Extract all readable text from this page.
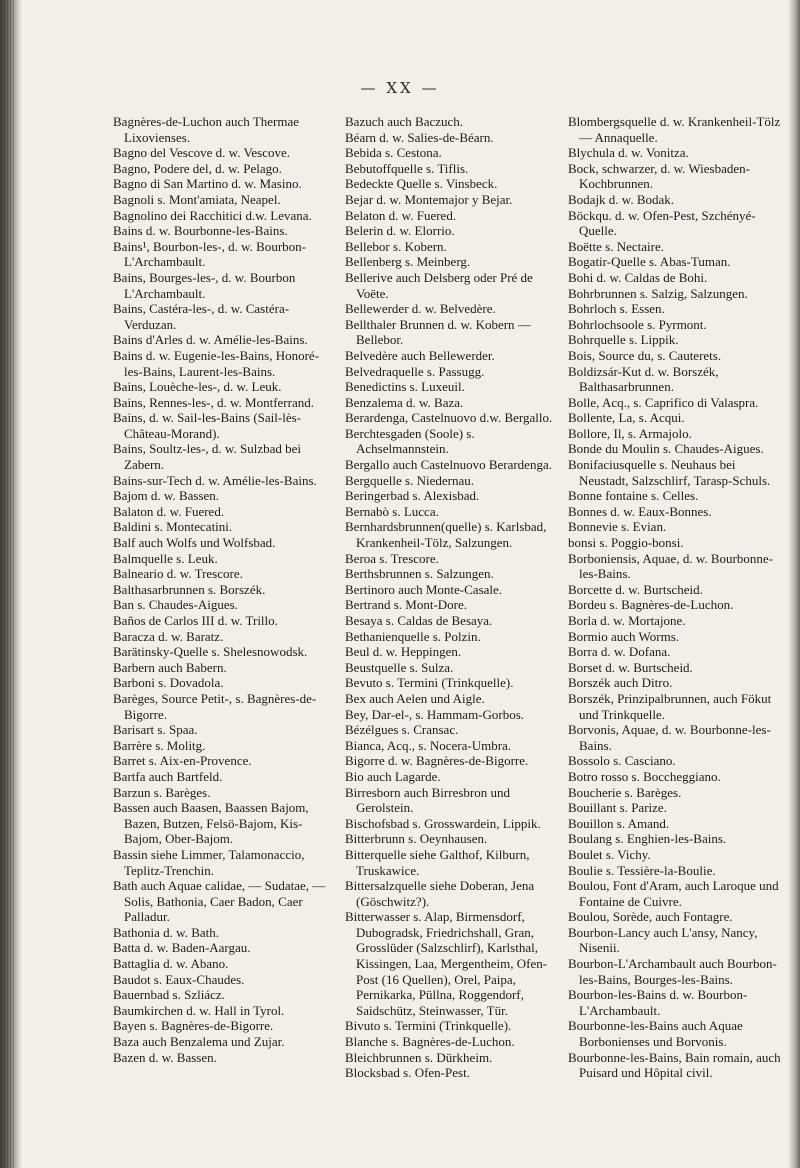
— XX —

Bagnères-de-Luchon auch Thermae Lixovienses.

Bagno del Vescove d. w. Vescove.

Bagno, Podere del, d. w. Pelago.

Bagno di San Martino d. w. Masino.

Bagnoli s. Mont'amiata, Neapel.

Bagnolino dei Racchitici d.w. Levana.

Bains d. w. Bourbonne-les-Bains.

Bains¹, Bourbon-les-, d. w. Bourbon-L'Archambault.

Bains, Bourges-les-, d. w. Bourbon L'Archambault.

Bains, Castéra-les-, d. w. Castéra-Verduzan.

Bains d'Arles d. w. Amélie-les-Bains.

Bains d. w. Eugenie-les-Bains, Honoré-les-Bains, Laurent-les-Bains.

Bains, Louèche-les-, d. w. Leuk.

Bains, Rennes-les-, d. w. Montferrand.

Bains, d. w. Sail-les-Bains (Sail-lès-Château-Morand).

Bains, Soultz-les-, d. w. Sulzbad bei Zabern.

Bains-sur-Tech d. w. Amélie-les-Bains.

Bajom d. w. Bassen.

Balaton d. w. Fuered.

Baldini s. Montecatini.

Balf auch Wolfs und Wolfsbad.

Balmquelle s. Leuk.

Balneario d. w. Trescore.

Balthasarbrunnen s. Borszék.

Ban s. Chaudes-Aigues.

Baños de Carlos III d. w. Trillo.

Baracza d. w. Baratz.

Barätinsky-Quelle s. Shelesnowodsk.

Barbern auch Babern.

Barboni s. Dovadola.

Barèges, Source Petit-, s. Bagnères-de-Bigorre.

Barisart s. Spaa.

Barrère s. Molitg.

Barret s. Aix-en-Provence.

Bartfa auch Bartfeld.

Barzun s. Barèges.

Bassen auch Baasen, Baassen Bajom, Bazen, Butzen, Felsö-Bajom, Kis-Bajom, Ober-Bajom.

Bassin siehe Limmer, Talamonaccio, Teplitz-Trenchin.

Bath auch Aquae calidae, — Sudatae, — Solis, Bathonia, Caer Badon, Caer Palladur.

Bathonia d. w. Bath.

Batta d. w. Baden-Aargau.

Battaglia d. w. Abano.

Baudot s. Eaux-Chaudes.

Bauernbad s. Szliácz.

Baumkirchen d. w. Hall in Tyrol.

Bayen s. Bagnères-de-Bigorre.

Baza auch Benzalema und Zujar.

Bazen d. w. Bassen.

Bazuch auch Baczuch.

Béarn d. w. Salies-de-Béarn.

Bebida s. Cestona.

Bebutoffquelle s. Tiflis.

Bedeckte Quelle s. Vinsbeck.

Bejar d. w. Montemajor y Bejar.

Belaton d. w. Fuered.

Belerin d. w. Elorrio.

Bellebor s. Kobern.

Bellenberg s. Meinberg.

Bellerive auch Delsberg oder Pré de Voëte.

Bellewerder d. w. Belvedère.

Bellthaler Brunnen d. w. Kobern — Bellebor.

Belvedère auch Bellewerder.

Belvedraquelle s. Passugg.

Benedictins s. Luxeuil.

Benzalema d. w. Baza.

Berardenga, Castelnuovo d.w. Bergallo.

Berchtesgaden (Soole) s. Achselmannstein.

Bergallo auch Castelnuovo Berardenga.

Bergquelle s. Niedernau.

Beringerbad s. Alexisbad.

Bernabò s. Lucca.

Bernhardsbrunnen(quelle) s. Karlsbad, Krankenheil-Tölz, Salzungen.

Beroa s. Trescore.

Berthsbrunnen s. Salzungen.

Bertinoro auch Monte-Casale.

Bertrand s. Mont-Dore.

Besaya s. Caldas de Besaya.

Bethanienquelle s. Polzin.

Beul d. w. Heppingen.

Beustquelle s. Sulza.

Bevuto s. Termini (Trinkquelle).

Bex auch Aelen und Aigle.

Bey, Dar-el-, s. Hammam-Gorbos.

Bézélgues s. Cransac.

Bianca, Acq., s. Nocera-Umbra.

Bigorre d. w. Bagnères-de-Bigorre.

Bio auch Lagarde.

Birresborn auch Birresbron und Gerolstein.

Bischofsbad s. Grosswardein, Lippik.

Bitterbrunn s. Oeynhausen.

Bitterquelle siehe Galthof, Kilburn, Truskawice.

Bittersalzquelle siehe Doberan, Jena (Göschwitz?).

Bitterwasser s. Alap, Birmensdorf, Dubogradsk, Friedrichshall, Gran, Grosslüder (Salzschlirf), Karlsthal, Kissingen, Laa, Mergentheim, Ofen-Post (16 Quellen), Orel, Paipa, Pernikarka, Püllna, Roggendorf, Saidschütz, Steinwasser, Tür.

Bivuto s. Termini (Trinkquelle).

Blanche s. Bagnères-de-Luchon.

Bleichbrunnen s. Dürkheim.

Blocksbad s. Ofen-Pest.

Blombergsquelle d. w. Krankenheil-Tölz — Annaquelle.

Blychula d. w. Vonitza.

Bock, schwarzer, d. w. Wiesbaden-Kochbrunnen.

Bodajk d. w. Bodak.

Böckqu. d. w. Ofen-Pest, Szchényé-Quelle.

Boëtte s. Nectaire.

Bogatir-Quelle s. Abas-Tuman.

Bohi d. w. Caldas de Bohi.

Bohrbrunnen s. Salzig, Salzungen.

Bohrloch s. Essen.

Bohrlochsoole s. Pyrmont.

Bohrquelle s. Lippik.

Bois, Source du, s. Cauterets.

Boldizsár-Kut d. w. Borszék, Balthasarbrunnen.

Bolle, Acq., s. Caprifico di Valaspra.

Bollente, La, s. Acqui.

Bollore, Il, s. Armajolo.

Bonde du Moulin s. Chaudes-Aigues.

Bonifaciusquelle s. Neuhaus bei Neustadt, Salzschlirf, Tarasp-Schuls.

Bonne fontaine s. Celles.

Bonnes d. w. Eaux-Bonnes.

Bonnevie s. Evian.

bonsi s. Poggio-bonsi.

Borboniensis, Aquae, d. w. Bourbonne-les-Bains.

Borcette d. w. Burtscheid.

Bordeu s. Bagnères-de-Luchon.

Borla d. w. Mortajone.

Bormio auch Worms.

Borra d. w. Dofana.

Borset d. w. Burtscheid.

Borszék auch Ditro.

Borszék, Prinzipalbrunnen, auch Fökut und Trinkquelle.

Borvonis, Aquae, d. w. Bourbonne-les-Bains.

Bossolo s. Casciano.

Botro rosso s. Boccheggiano.

Boucherie s. Barèges.

Bouillant s. Parize.

Bouillon s. Amand.

Boulang s. Enghien-les-Bains.

Boulet s. Vichy.

Boulie s. Tessière-la-Boulie.

Boulou, Font d'Aram, auch Laroque und Fontaine de Cuivre.

Boulou, Sorède, auch Fontagre.

Bourbon-Lancy auch L'ansy, Nancy, Nisenii.

Bourbon-L'Archambault auch Bourbon-les-Bains, Bourges-les-Bains.

Bourbon-les-Bains d. w. Bourbon-L'Archambault.

Bourbonne-les-Bains auch Aquae Borbonienses und Borvonis.

Bourbonne-les-Bains, Bain romain, auch Puisard und Hôpital civil.
